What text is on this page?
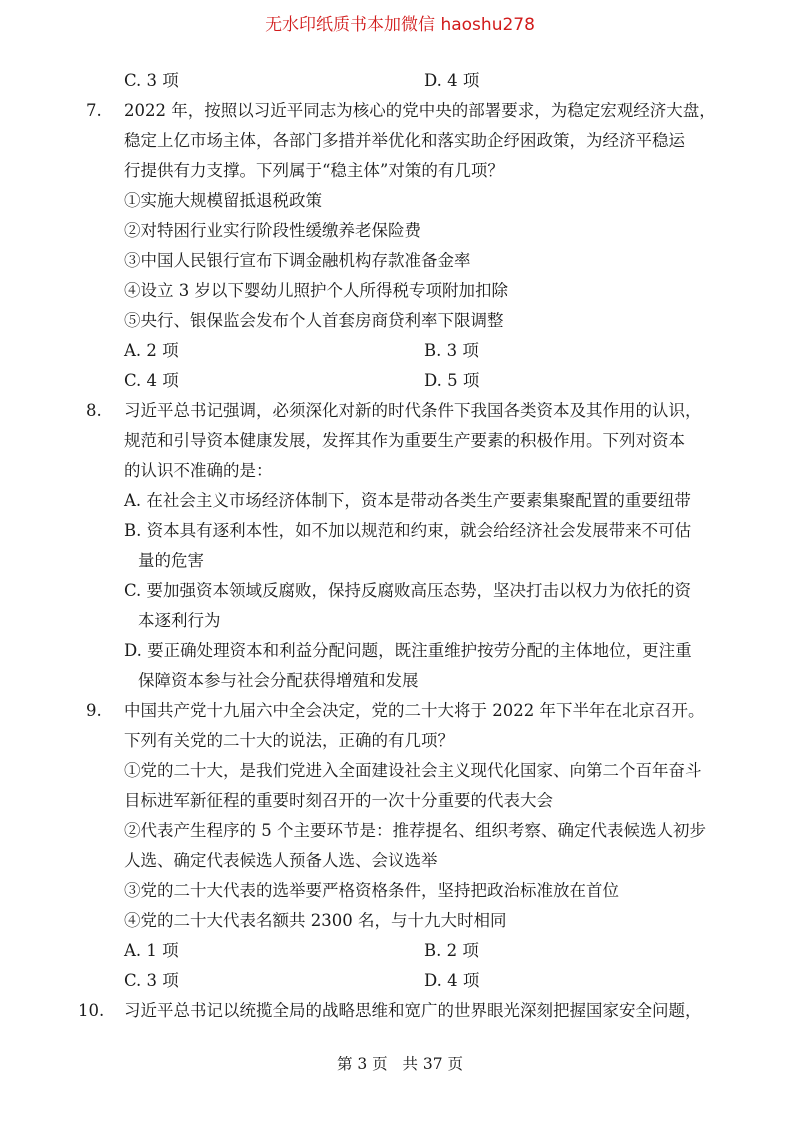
无水印纸质书本加微信 haoshu278
C. 3 项	D. 4 项
7. 2022 年，按照以习近平同志为核心的党中央的部署要求，为稳定宏观经济大盘，
稳定上亿市场主体，各部门多措并举优化和落实助企纾困政策，为经济平稳运
行提供有力支撑。下列属于“稳主体”对策的有几项？
①实施大规模留抵退税政策
②对特困行业实行阶段性缓缴养老保险费
③中国人民银行宣布下调金融机构存款准备金率
④设立 3 岁以下婴幼儿照护个人所得税专项附加扣除
⑤央行、银保监会发布个人首套房商贷利率下限调整
A. 2 项	B. 3 项
C. 4 项	D. 5 项
8. 习近平总书记强调，必须深化对新的时代条件下我国各类资本及其作用的认识，
规范和引导资本健康发展，发挥其作为重要生产要素的积极作用。下列对资本
的认识不准确的是：
A. 在社会主义市场经济体制下，资本是带动各类生产要素集聚配置的重要纽带
B. 资本具有逐利本性，如不加以规范和约束，就会给经济社会发展带来不可估
量的危害
C. 要加强资本领域反腐败，保持反腐败高压态势，坚决打击以权力为依托的资
本逐利行为
D. 要正确处理资本和利益分配问题，既注重维护按劳分配的主体地位，更注重
保障资本参与社会分配获得增殖和发展
9. 中国共产党十九届六中全会决定，党的二十大将于 2022 年下半年在北京召开。
下列有关党的二十大的说法，正确的有几项？
①党的二十大，是我们党进入全面建设社会主义现代化国家、向第二个百年奋斗
目标进军新征程的重要时刻召开的一次十分重要的代表大会
②代表产生程序的 5 个主要环节是：推荐提名、组织考察、确定代表候选人初步
人选、确定代表候选人预备人选、会议选举
③党的二十大代表的选举要严格资格条件，坚持把政治标准放在首位
④党的二十大代表名额共 2300 名，与十九大时相同
A. 1 项	B. 2 项
C. 3 项	D. 4 项
10. 习近平总书记以统揽全局的战略思维和宽广的世界眼光深刻把握国家安全问题，
第 3 页   共 37 页
